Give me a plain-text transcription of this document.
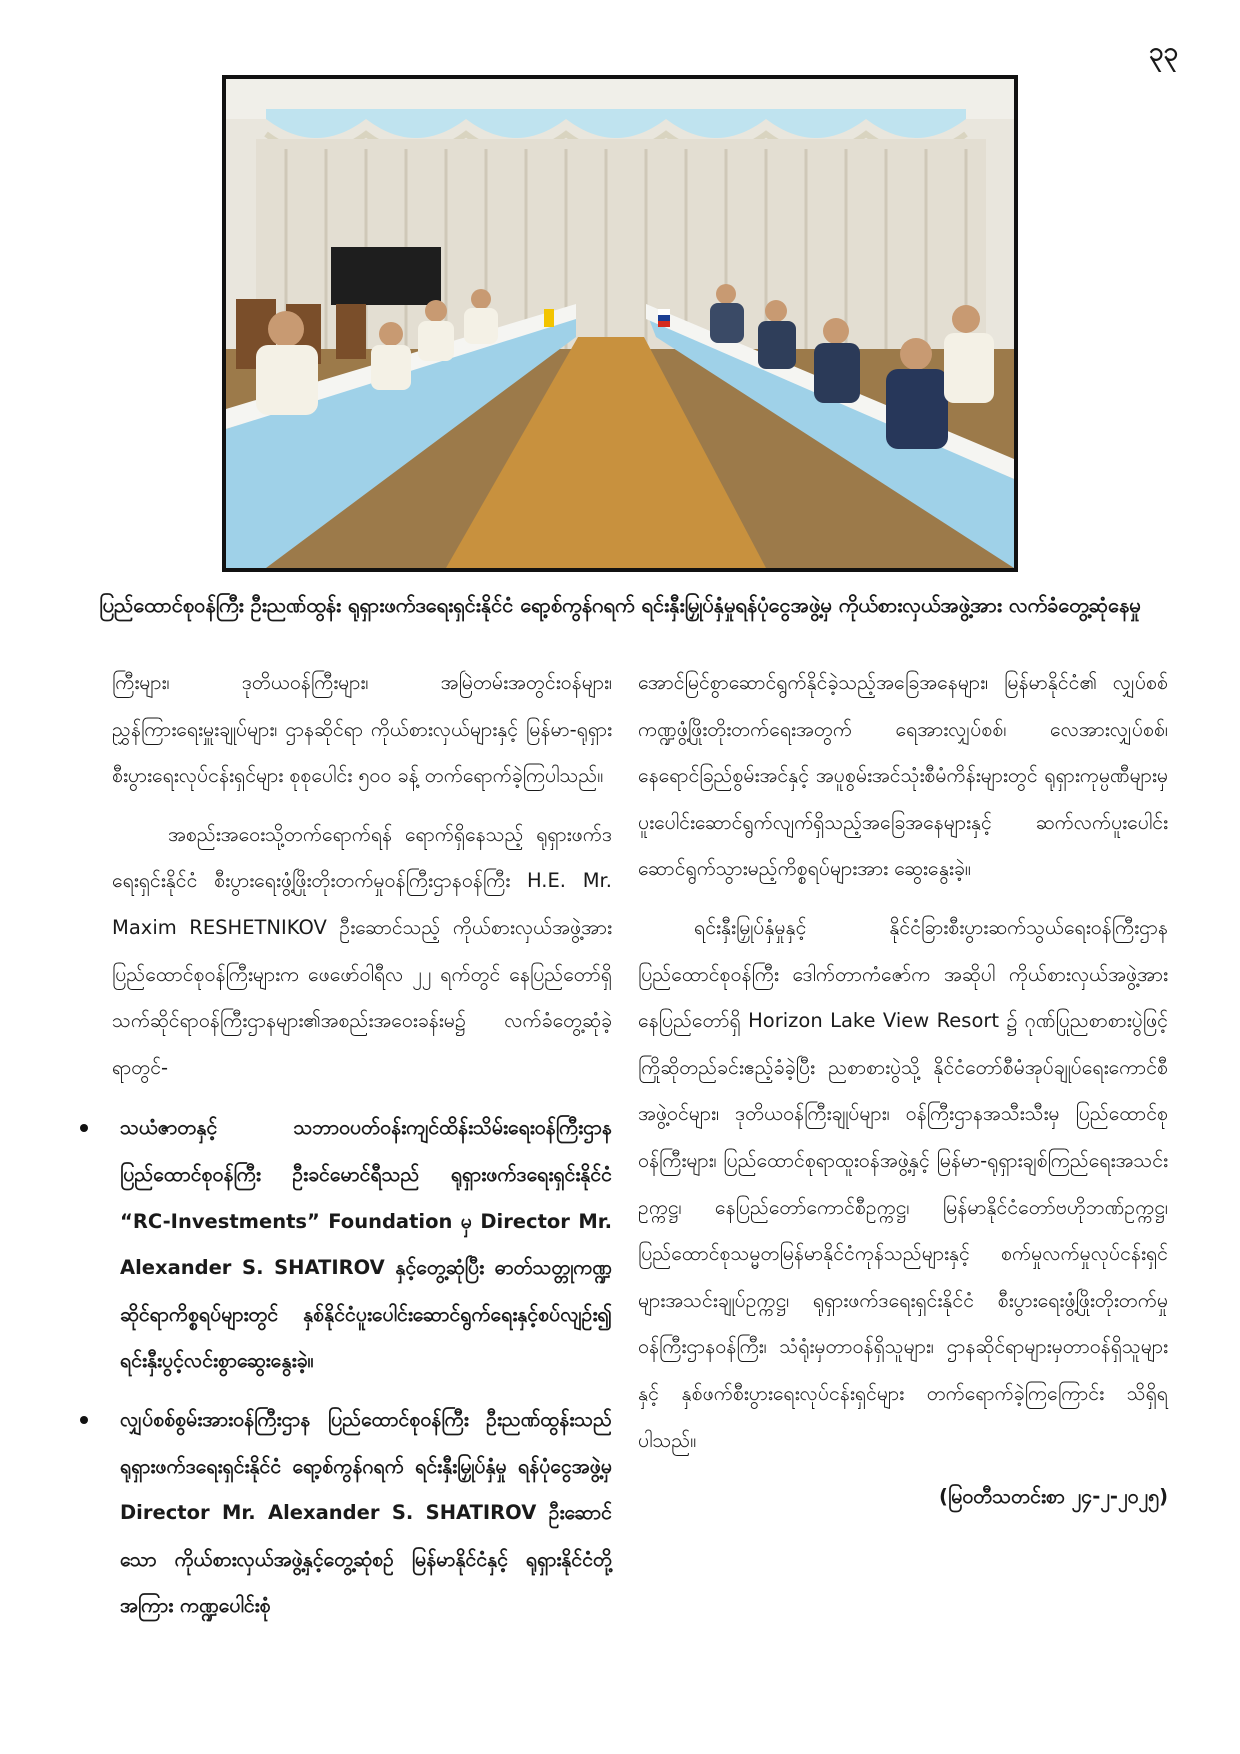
၃၃
ပြည်ထောင်စုဝန်ကြီး ဦးညဏ်ထွန်း ရုရှားဖက်ဒရေးရှင်းနိုင်ငံ ရော့စ်ကွန်ဂရက် ရင်းနှီးမြှုပ်နှံမှုရန်ပုံငွေအဖွဲ့မှ ကိုယ်စားလှယ်အဖွဲ့အား လက်ခံတွေ့ဆုံနေမှု

ကြီးများ၊ ဒုတိယဝန်ကြီးများ၊ အမြဲတမ်းအတွင်းဝန်များ၊ ညွှန်ကြားရေးမှူးချုပ်များ၊ ဌာနဆိုင်ရာ ကိုယ်စားလှယ်များနှင့် မြန်မာ-ရုရှားစီးပွားရေးလုပ်ငန်းရှင်များ စုစုပေါင်း ၅၀၀ ခန့် တက်ရောက်ခဲ့ကြပါသည်။

အစည်းအဝေးသို့တက်ရောက်ရန် ရောက်ရှိနေသည့် ရုရှားဖက်ဒရေးရှင်းနိုင်ငံ စီးပွားရေးဖွံ့ဖြိုးတိုးတက်မှုဝန်ကြီးဌာနဝန်ကြီး H.E. Mr. Maxim RESHETNIKOV ဦးဆောင်သည့် ကိုယ်စားလှယ်အဖွဲ့အား ပြည်ထောင်စုဝန်ကြီးများက ဖေဖော်ဝါရီလ ၂၂ ရက်တွင် နေပြည်တော်ရှိ သက်ဆိုင်ရာဝန်ကြီးဌာနများ၏အစည်းအဝေးခန်းမ၌ လက်ခံတွေ့ဆုံခဲ့ရာတွင်-

သယံဇာတနှင့် သဘာဝပတ်ဝန်းကျင်ထိန်းသိမ်းရေးဝန်ကြီးဌာန ပြည်ထောင်စုဝန်ကြီး ဦးခင်မောင်ရီသည် ရုရှားဖက်ဒရေးရှင်းနိုင်ငံ “RC-Investments” Foundation မှ Director Mr. Alexander S. SHATIROV နှင့်တွေ့ဆုံပြီး ဓာတ်သတ္တုကဏ္ဍဆိုင်ရာကိစ္စရပ်များတွင် နှစ်နိုင်ငံပူးပေါင်းဆောင်ရွက်ရေးနှင့်စပ်လျဉ်း၍ ရင်းနှီးပွင့်လင်းစွာဆွေးနွေးခဲ့။
လျှပ်စစ်စွမ်းအားဝန်ကြီးဌာန ပြည်ထောင်စုဝန်ကြီး ဦးညဏ်ထွန်းသည် ရုရှားဖက်ဒရေးရှင်းနိုင်ငံ ရော့စ်ကွန်ဂရက် ရင်းနှီးမြှုပ်နှံမှု ရန်ပုံငွေအဖွဲ့မှ Director Mr. Alexander S. SHATIROV ဦးဆောင်သော ကိုယ်စားလှယ်အဖွဲ့နှင့်တွေ့ဆုံစဉ် မြန်မာနိုင်ငံနှင့် ရုရှားနိုင်ငံတို့အကြား ကဏ္ဍပေါင်းစုံ

အောင်မြင်စွာဆောင်ရွက်နိုင်ခဲ့သည့်အခြေအနေများ၊ မြန်မာနိုင်ငံ၏ လျှပ်စစ်ကဏ္ဍဖွံ့ဖြိုးတိုးတက်ရေးအတွက် ရေအားလျှပ်စစ်၊ လေအားလျှပ်စစ်၊ နေရောင်ခြည်စွမ်းအင်နှင့် အပူစွမ်းအင်သုံးစီမံကိန်းများတွင် ရုရှားကုမ္ပဏီများမှ ပူးပေါင်းဆောင်ရွက်လျက်ရှိသည့်အခြေအနေများနှင့် ဆက်လက်ပူးပေါင်းဆောင်ရွက်သွားမည့်ကိစ္စရပ်များအား ဆွေးနွေးခဲ့။

ရင်းနှီးမြှုပ်နှံမှုနှင့် နိုင်ငံခြားစီးပွားဆက်သွယ်ရေးဝန်ကြီးဌာန ပြည်ထောင်စုဝန်ကြီး ဒေါက်တာကံဇော်က အဆိုပါ ကိုယ်စားလှယ်အဖွဲ့အား နေပြည်တော်ရှိ Horizon Lake View Resort ၌ ဂုဏ်ပြုညစာစားပွဲဖြင့် ကြိုဆိုတည်ခင်းဧည့်ခံခဲ့ပြီး ညစာစားပွဲသို့ နိုင်ငံတော်စီမံအုပ်ချုပ်ရေးကောင်စီအဖွဲ့ဝင်များ၊ ဒုတိယဝန်ကြီးချုပ်များ၊ ဝန်ကြီးဌာနအသီးသီးမှ ပြည်ထောင်စုဝန်ကြီးများ၊ ပြည်ထောင်စုရာထူးဝန်အဖွဲ့နှင့် မြန်မာ-ရုရှားချစ်ကြည်ရေးအသင်းဥက္ကဋ္ဌ၊ နေပြည်တော်ကောင်စီဥက္ကဋ္ဌ၊ မြန်မာနိုင်ငံတော်ဗဟိုဘဏ်ဥက္ကဋ္ဌ၊ ပြည်ထောင်စုသမ္မတမြန်မာနိုင်ငံကုန်သည်များနှင့် စက်မှုလက်မှုလုပ်ငန်းရှင်များအသင်းချုပ်ဥက္ကဋ္ဌ၊ ရုရှားဖက်ဒရေးရှင်းနိုင်ငံ စီးပွားရေးဖွံ့ဖြိုးတိုးတက်မှုဝန်ကြီးဌာနဝန်ကြီး၊ သံရုံးမှတာဝန်ရှိသူများ၊ ဌာနဆိုင်ရာများမှတာဝန်ရှိသူများနှင့် နှစ်ဖက်စီးပွားရေးလုပ်ငန်းရှင်များ တက်ရောက်ခဲ့ကြကြောင်း သိရှိရပါသည်။

(မြဝတီသတင်းစာ ၂၄-၂-၂၀၂၅)
